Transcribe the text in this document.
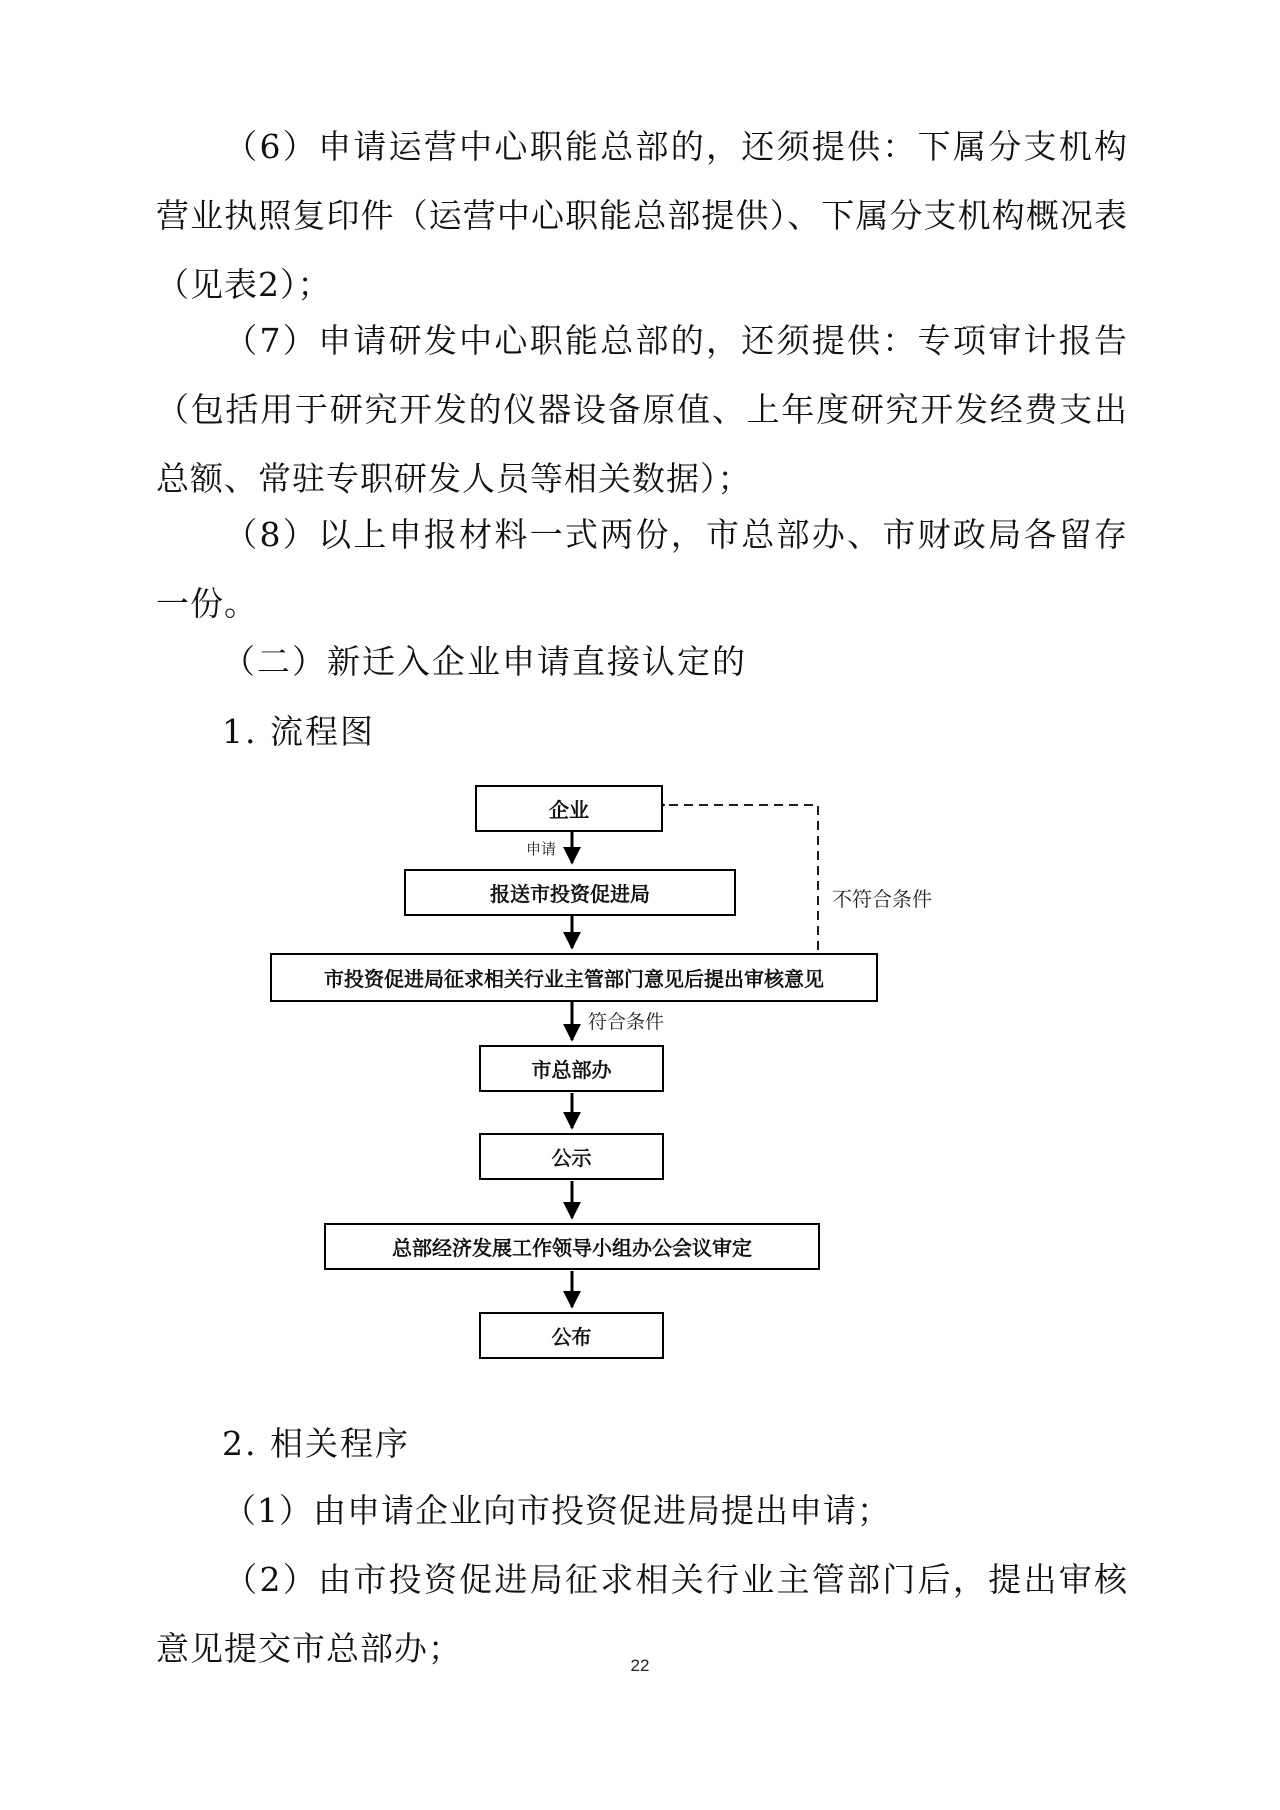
（6）申请运营中心职能总部的，还须提供：下属分支机构营业执照复印件（运营中心职能总部提供）、下属分支机构概况表（见表2）；
（7）申请研发中心职能总部的，还须提供：专项审计报告（包括用于研究开发的仪器设备原值、上年度研究开发经费支出总额、常驻专职研发人员等相关数据）；
（8）以上申报材料一式两份，市总部办、市财政局各留存一份。
（二）新迁入企业申请直接认定的
1. 流程图
企业
申请
报送市投资促进局	不符合条件
市投资促进局征求相关行业主管部门意见后提出审核意见
符合条件
市总部办
公示
总部经济发展工作领导小组办公会议审定
公布
2. 相关程序
（1）由申请企业向市投资促进局提出申请；
（2）由市投资促进局征求相关行业主管部门后，提出审核意见提交市总部办；	22
